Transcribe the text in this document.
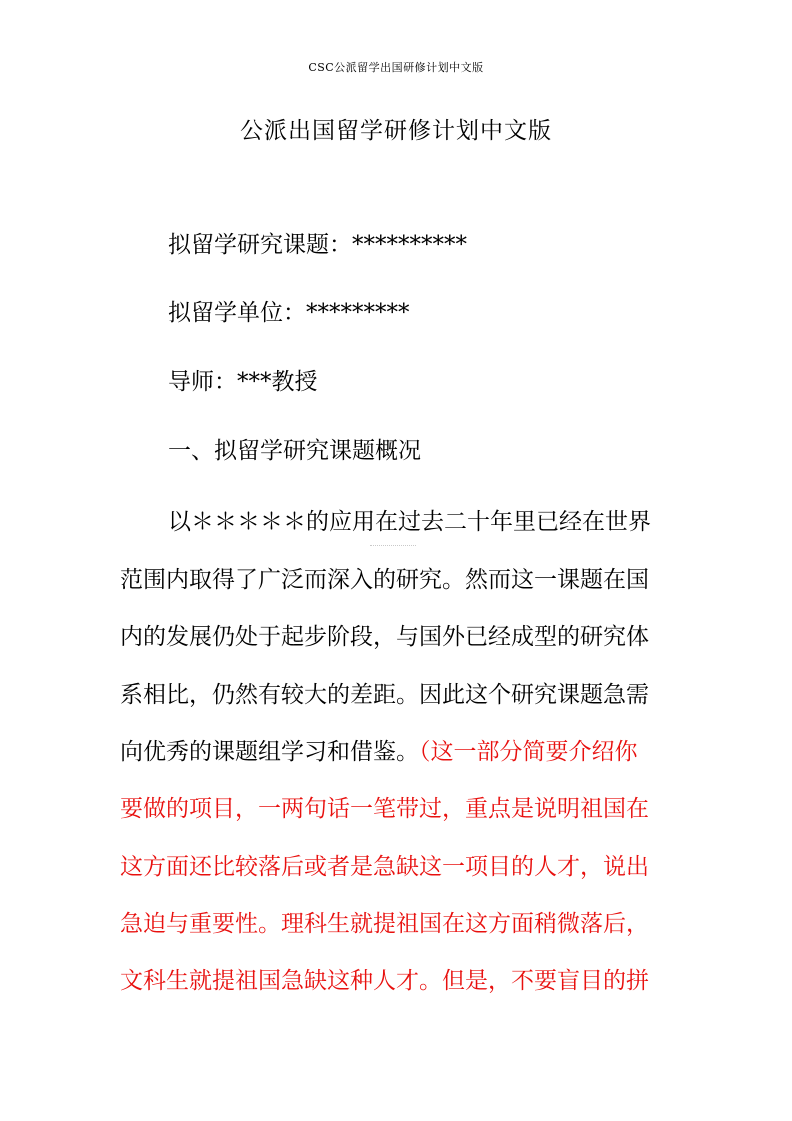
CSC公派留学出国研修计划中文版
公派出国留学研修计划中文版
拟留学研究课题：**********
拟留学单位：*********
导师：***教授
一、拟留学研究课题概况
以＊＊＊＊＊的应用在过去二十年里已经在世界
范围内取得了广泛而深入的研究。然而这一课题在国
内的发展仍处于起步阶段，与国外已经成型的研究体
系相比，仍然有较大的差距。因此这个研究课题急需
向优秀的课题组学习和借鉴。（这一部分简要介绍你
要做的项目，一两句话一笔带过，重点是说明祖国在
这方面还比较落后或者是急缺这一项目的人才，说出
急迫与重要性。理科生就提祖国在这方面稍微落后，
文科生就提祖国急缺这种人才。但是，不要盲目的拼
